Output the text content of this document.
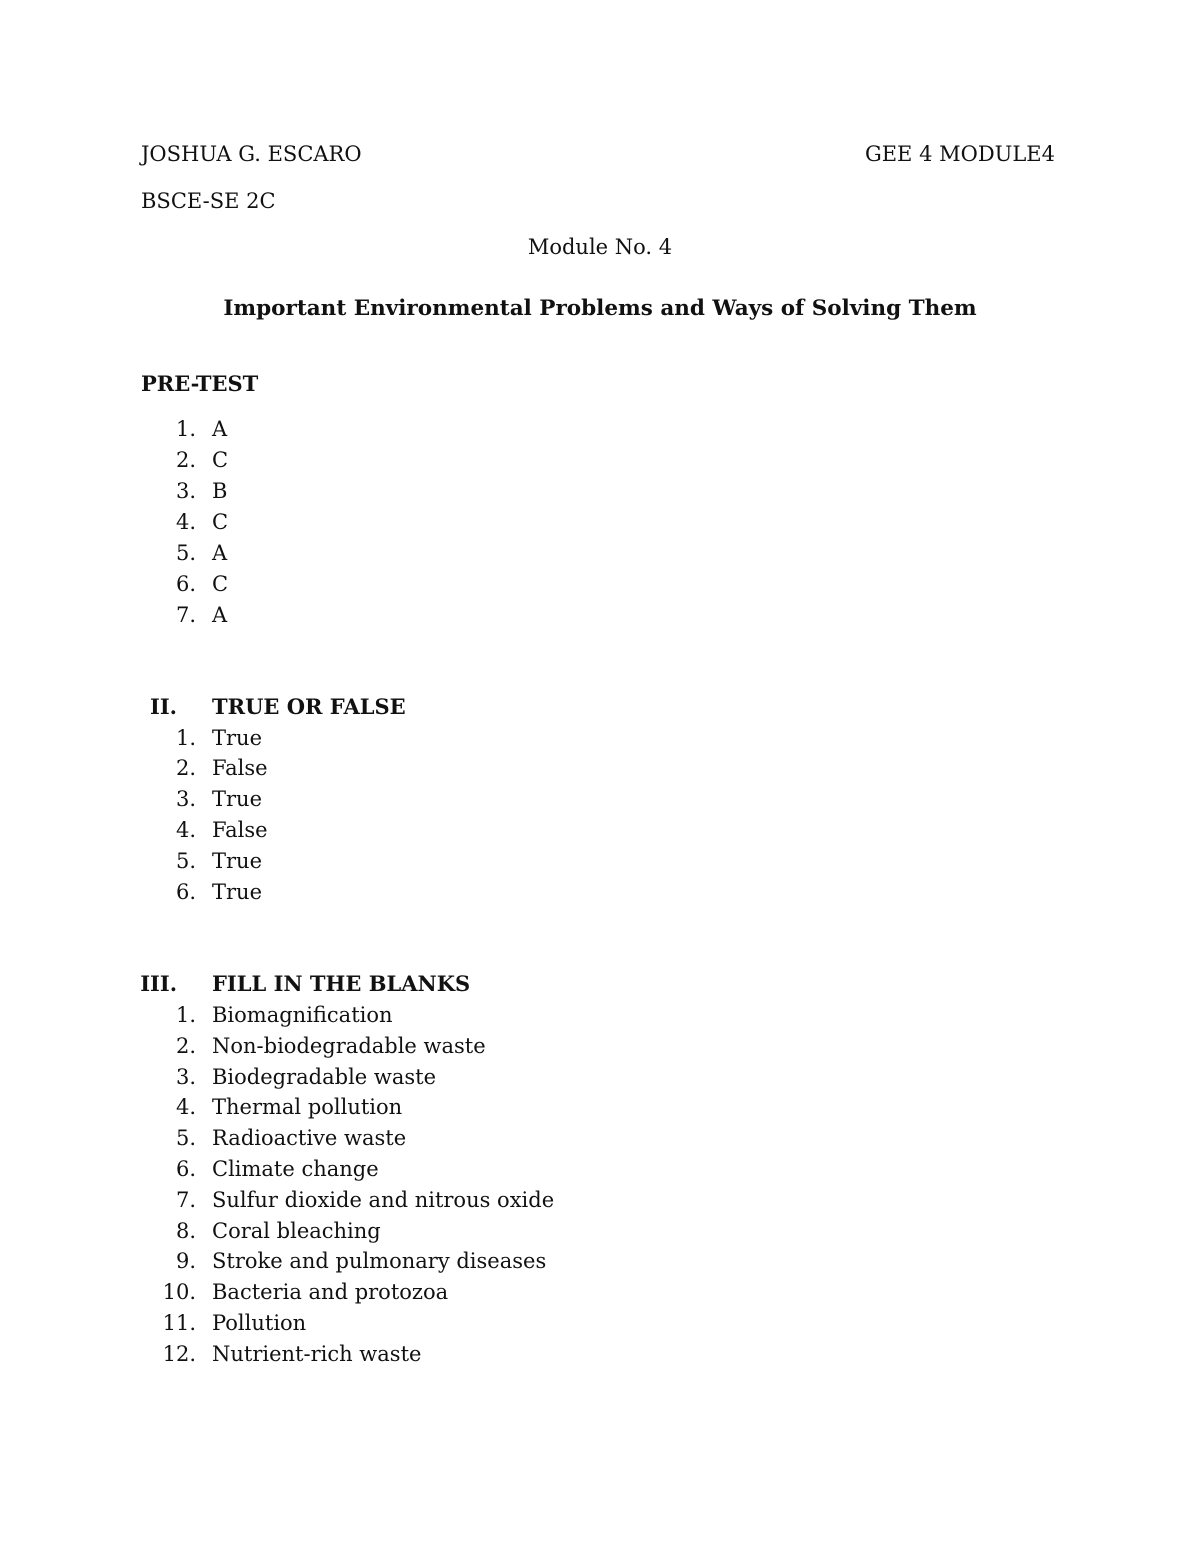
JOSHUA G. ESCARO	GEE 4 MODULE4
BSCE-SE 2C
Module No. 4
Important Environmental Problems and Ways of Solving Them
PRE-TEST
1. A
2. C
3. B
4. C
5. A
6. C
7. A
II. TRUE OR FALSE
1. True
2. False
3. True
4. False
5. True
6. True
III. FILL IN THE BLANKS
1. Biomagnification
2. Non-biodegradable waste
3. Biodegradable waste
4. Thermal pollution
5. Radioactive waste
6. Climate change
7. Sulfur dioxide and nitrous oxide
8. Coral bleaching
9. Stroke and pulmonary diseases
10. Bacteria and protozoa
11. Pollution
12. Nutrient-rich waste
